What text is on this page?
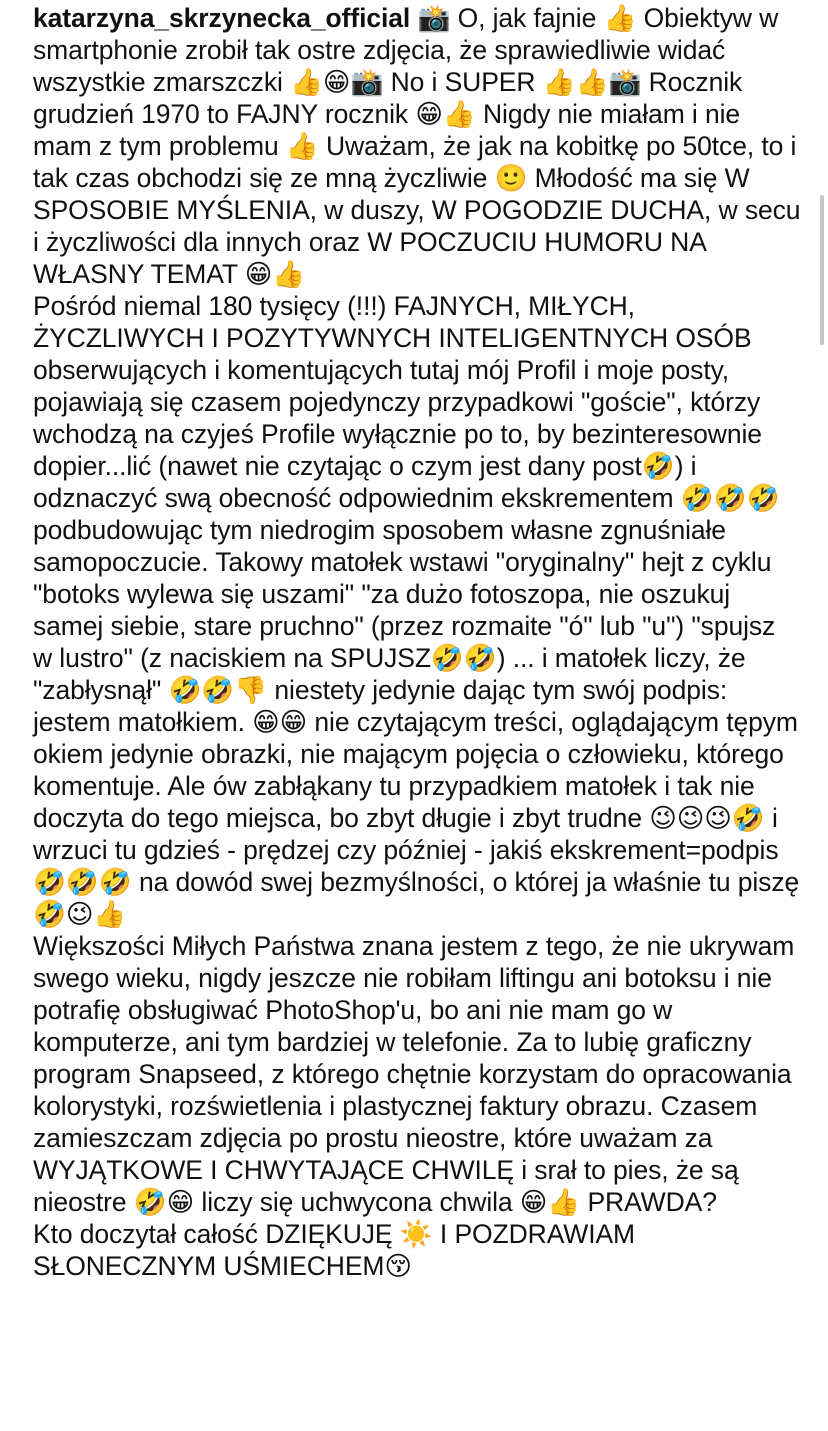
katarzyna_skrzynecka_official 📸 O, jak fajnie 👍 Obiektyw w smartphonie zrobił tak ostre zdjęcia, że sprawiedliwie widać wszystkie zmarszczki 👍😁📸 No i SUPER 👍👍📸 Rocznik grudzień 1970 to FAJNY rocznik 😁👍 Nigdy nie miałam i nie mam z tym problemu 👍 Uważam, że jak na kobitkę po 50tce, to i tak czas obchodzi się ze mną życzliwie 🙂 Młodość ma się W SPOSOBIE MYŚLENIA, w duszy, W POGODZIE DUCHA, w secu i życzliwości dla innych oraz W POCZUCIU HUMORU NA WŁASNY TEMAT 😁👍

Pośród niemal 180 tysięcy (!!!) FAJNYCH, MIŁYCH, ŻYCZLIWYCH I POZYTYWNYCH INTELIGENTNYCH OSÓB obserwujących i komentujących tutaj mój Profil i moje posty, pojawiają się czasem pojedynczy przypadkowi "goście", którzy wchodzą na czyjeś Profile wyłącznie po to, by bezinteresownie dopier...lić (nawet nie czytając o czym jest dany post🤣) i odznaczyć swą obecność odpowiednim ekskrementem 🤣🤣🤣 podbudowując tym niedrogim sposobem własne zgnuśniałe samopoczucie. Takowy matołek wstawi "oryginalny" hejt z cyklu "botoks wylewa się uszami" "za dużo fotoszopa, nie oszukuj samej siebie, stare pruchno" (przez rozmaite "ó" lub "u") "spujsz w lustro" (z naciskiem na SPUJSZ🤣🤣) ... i matołek liczy, że "zabłysnął" 🤣🤣👎 niestety jedynie dając tym swój podpis: jestem matołkiem. 😁😁 nie czytającym treści, oglądającym tępym okiem jedynie obrazki, nie mającym pojęcia o człowieku, którego komentuje. Ale ów zabłąkany tu przypadkiem matołek i tak nie doczyta do tego miejsca, bo zbyt długie i zbyt trudne 😉😉😉🤣 i wrzuci tu gdzieś - prędzej czy później - jakiś ekskrement=podpis 🤣🤣🤣 na dowód swej bezmyślności, o której ja właśnie tu piszę 🤣😉👍

Większości Miłych Państwa znana jestem z tego, że nie ukrywam swego wieku, nigdy jeszcze nie robiłam liftingu ani botoksu i nie potrafię obsługiwać PhotoShop'u, bo ani nie mam go w komputerze, ani tym bardziej w telefonie. Za to lubię graficzny program Snapseed, z którego chętnie korzystam do opracowania kolorystyki, rozświetlenia i plastycznej faktury obrazu. Czasem zamieszczam zdjęcia po prostu nieostre, które uważam za WYJĄTKOWE I CHWYTAJĄCE CHWILĘ i srał to pies, że są nieostre 🤣😁 liczy się uchwycona chwila 😁👍 PRAWDA?

Kto doczytał całość DZIĘKUJĘ ☀️ I POZDRAWIAM SŁONECZNYM UŚMIECHEM😚
